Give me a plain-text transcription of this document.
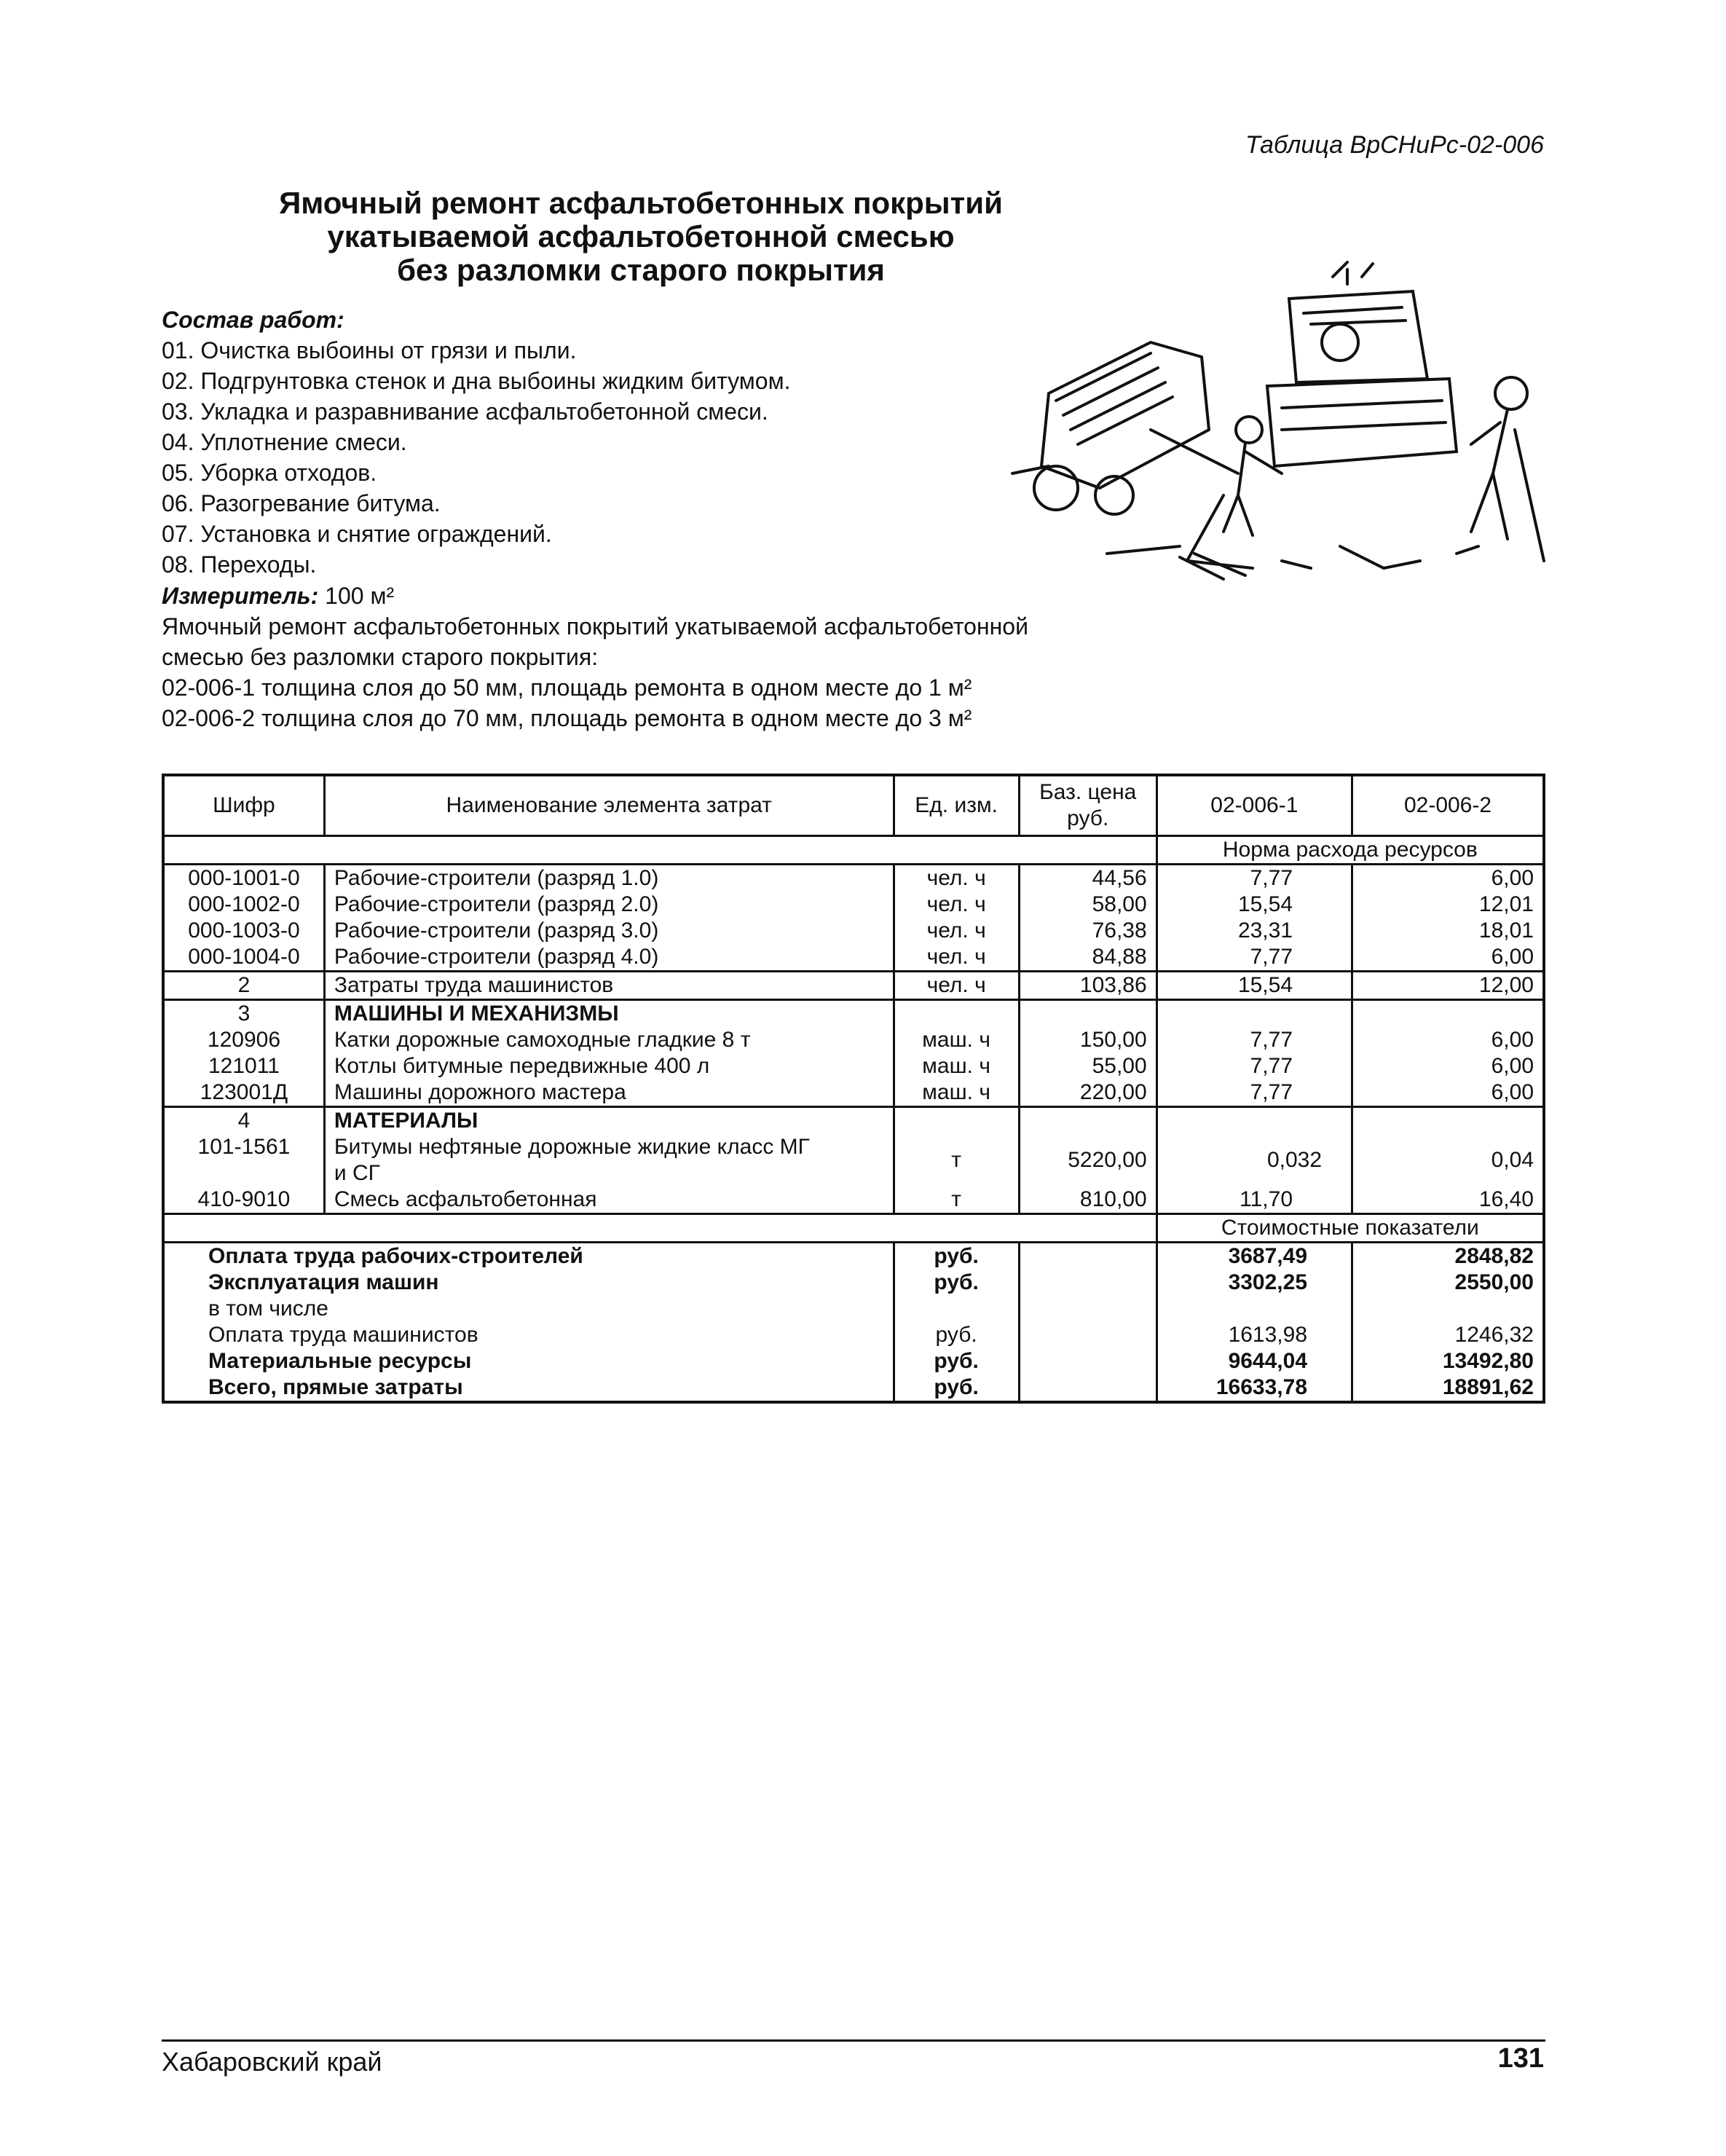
Таблица ВрСНиРс-02-006
Ямочный ремонт асфальтобетонных покрытий
укатываемой асфальтобетонной смесью
без разломки старого покрытия
Состав работ:
01. Очистка выбоины от грязи и пыли.
02. Подгрунтовка стенок и дна выбоины жидким битумом.
03. Укладка и разравнивание асфальтобетонной смеси.
04. Уплотнение смеси.
05. Уборка отходов.
06. Разогревание битума.
07. Установка и снятие ограждений.
08. Переходы.
Измеритель: 100 м²
Ямочный ремонт асфальтобетонных покрытий укатываемой асфальтобетонной
смесью без разломки старого покрытия:
02-006-1 толщина слоя до 50 мм, площадь ремонта в одном месте до 1 м²
02-006-2 толщина слоя до 70 мм, площадь ремонта в одном месте до 3 м²
Шифр	Наименование элемента затрат	Ед. изм.	Баз. цена руб.	02-006-1	02-006-2
				Норма расхода ресурсов	
000-1001-0	Рабочие-строители (разряд 1.0)	чел. ч	44,56	7,77	6,00
000-1002-0	Рабочие-строители (разряд 2.0)	чел. ч	58,00	15,54	12,01
000-1003-0	Рабочие-строители (разряд 3.0)	чел. ч	76,38	23,31	18,01
000-1004-0	Рабочие-строители (разряд 4.0)	чел. ч	84,88	7,77	6,00
2	Затраты труда машинистов	чел. ч	103,86	15,54	12,00
3	МАШИНЫ И МЕХАНИЗМЫ				
120906	Катки дорожные самоходные гладкие 8 т	маш. ч	150,00	7,77	6,00
121011	Котлы битумные передвижные 400 л	маш. ч	55,00	7,77	6,00
123001Д	Машины дорожного мастера	маш. ч	220,00	7,77	6,00
4	МАТЕРИАЛЫ				
101-1561	Битумы нефтяные дорожные жидкие класс МГ
и СГ	т	5220,00	0,032	0,04
410-9010	Смесь асфальтобетонная	т	810,00	11,70	16,40
				Стоимостные показатели	
Оплата труда рабочих-строителей		руб.		3687,49	2848,82
Эксплуатация машин		руб.		3302,25	2550,00
в том числе					
Оплата труда машинистов		руб.		1613,98	1246,32
Материальные ресурсы		руб.		9644,04	13492,80
Всего, прямые затраты		руб.		16633,78	18891,62
Хабаровский край	131
